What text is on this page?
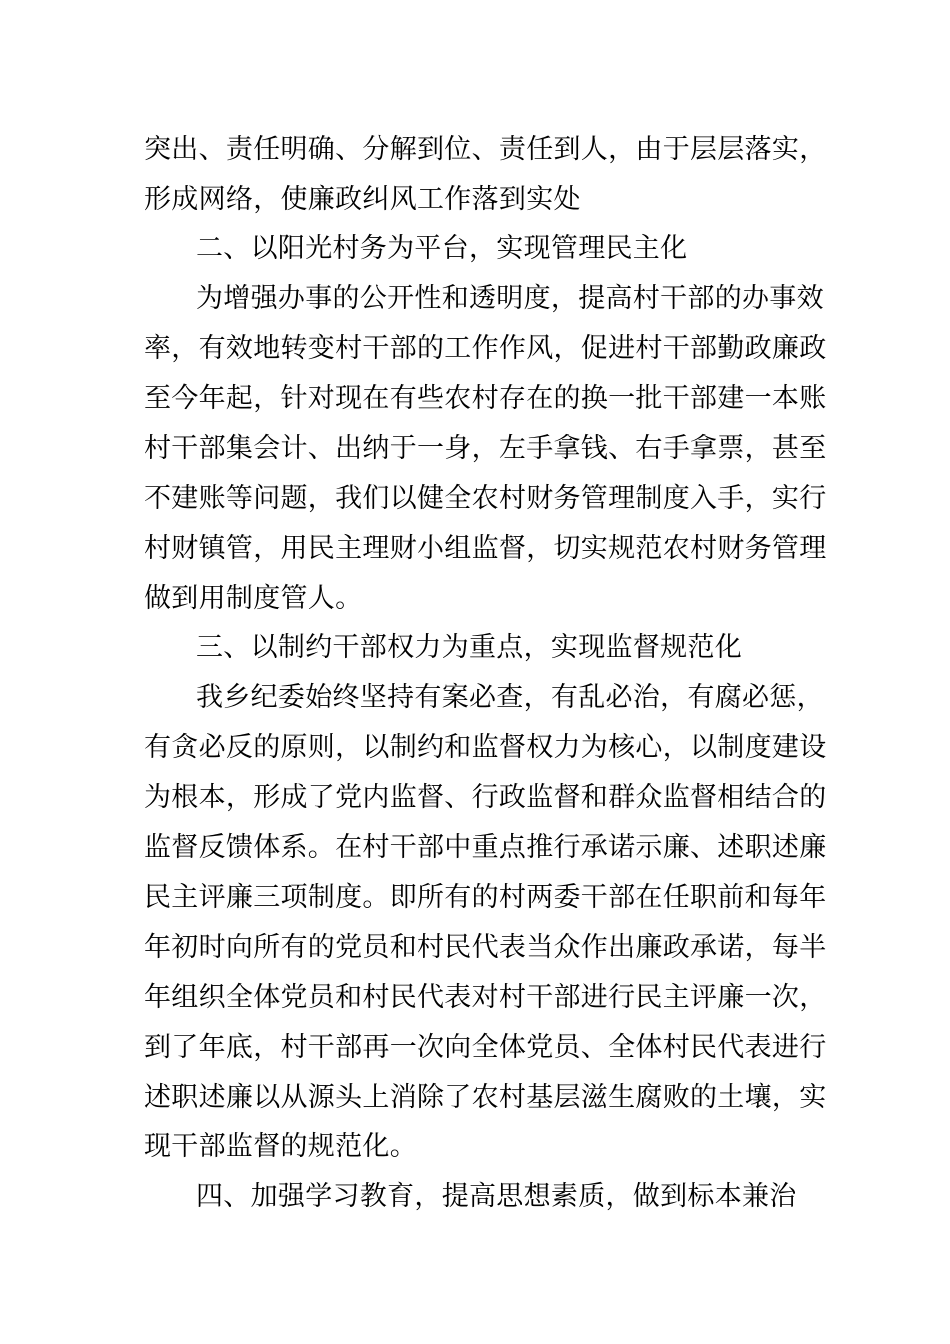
突出、责任明确、分解到位、责任到人，由于层层落实，
形成网络，使廉政纠风工作落到实处
二、以阳光村务为平台，实现管理民主化
为增强办事的公开性和透明度，提高村干部的办事效
率，有效地转变村干部的工作作风，促进村干部勤政廉政
至今年起，针对现在有些农村存在的换一批干部建一本账
村干部集会计、出纳于一身，左手拿钱、右手拿票，甚至
不建账等问题，我们以健全农村财务管理制度入手，实行
村财镇管，用民主理财小组监督，切实规范农村财务管理
做到用制度管人。
三、以制约干部权力为重点，实现监督规范化
我乡纪委始终坚持有案必查，有乱必治，有腐必惩，
有贪必反的原则，以制约和监督权力为核心，以制度建设
为根本，形成了党内监督、行政监督和群众监督相结合的
监督反馈体系。在村干部中重点推行承诺示廉、述职述廉
民主评廉三项制度。即所有的村两委干部在任职前和每年
年初时向所有的党员和村民代表当众作出廉政承诺，每半
年组织全体党员和村民代表对村干部进行民主评廉一次，
到了年底，村干部再一次向全体党员、全体村民代表进行
述职述廉以从源头上消除了农村基层滋生腐败的土壤，实
现干部监督的规范化。
四、加强学习教育，提高思想素质，做到标本兼治
